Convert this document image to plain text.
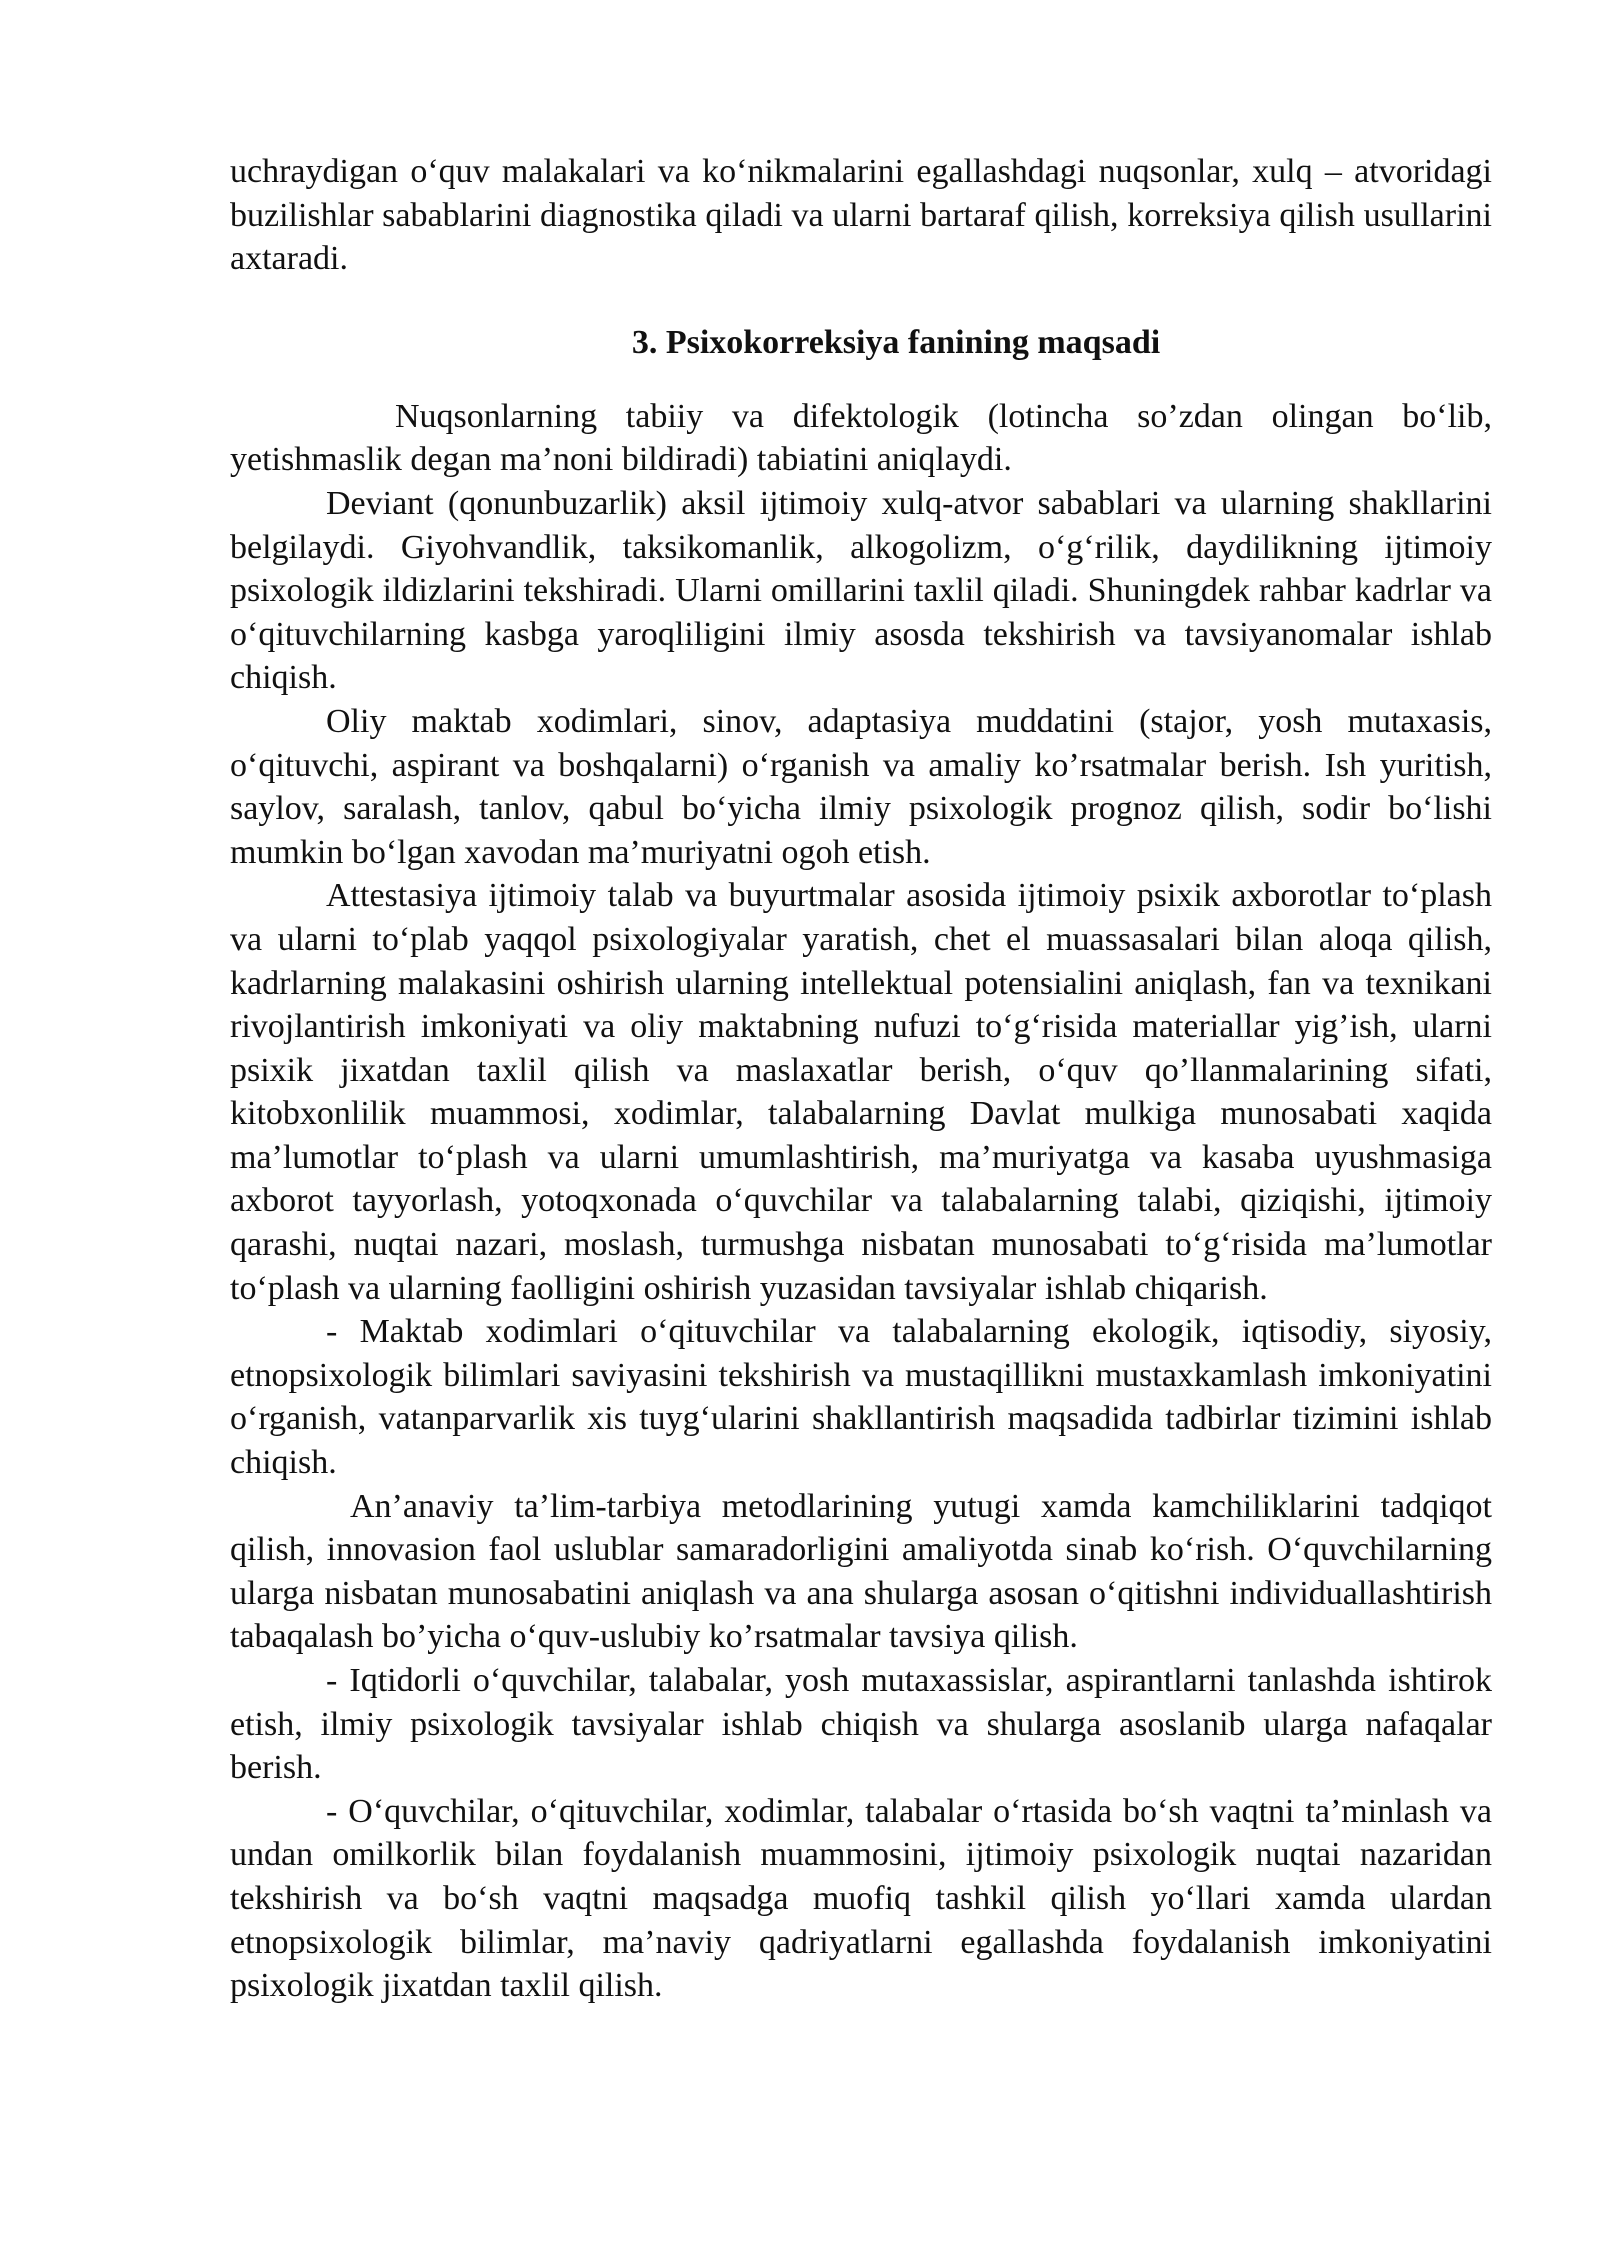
uchraydigan o‘quv malakalari va ko‘nikmalarini egallashdagi nuqsonlar, xulq – atvoridagi buzilishlar sabablarini diagnostika qiladi va ularni bartaraf qilish, korreksiya qilish usullarini axtaradi.

3. Psixokorreksiya fanining maqsadi

Nuqsonlarning tabiiy va difektologik (lotincha so’zdan olingan bo‘lib, yetishmaslik degan ma’noni bildiradi) tabiatini aniqlaydi.

Deviant (qonunbuzarlik) aksil ijtimoiy xulq-atvor sabablari va ularning shakllarini belgilaydi. Giyohvandlik, taksikomanlik, alkogolizm, o‘g‘rilik, daydilikning ijtimoiy psixologik ildizlarini tekshiradi. Ularni omillarini taxlil qiladi. Shuningdek rahbar kadrlar va o‘qituvchilarning kasbga yaroqliligini ilmiy asosda tekshirish va tavsiyanomalar ishlab chiqish.

Oliy maktab xodimlari, sinov, adaptasiya muddatini (stajor, yosh mutaxasis, o‘qituvchi, aspirant va boshqalarni) o‘rganish va amaliy ko’rsatmalar berish. Ish yuritish, saylov, saralash, tanlov, qabul bo‘yicha ilmiy psixologik prognoz qilish, sodir bo‘lishi mumkin bo‘lgan xavodan ma’muriyatni ogoh etish.

Attestasiya ijtimoiy talab va buyurtmalar asosida ijtimoiy psixik axborotlar to‘plash va ularni to‘plab yaqqol psixologiyalar yaratish, chet el muassasalari bilan aloqa qilish, kadrlarning malakasini oshirish ularning intellektual potensialini aniqlash, fan va texnikani rivojlantirish imkoniyati va oliy maktabning nufuzi to‘g‘risida materiallar yig’ish, ularni psixik jixatdan taxlil qilish va maslaxatlar berish, o‘quv qo’llanmalarining sifati, kitobxonlilik muammosi, xodimlar, talabalarning Davlat mulkiga munosabati xaqida ma’lumotlar to‘plash va ularni umumlashtirish, ma’muriyatga va kasaba uyushmasiga axborot tayyorlash, yotoqxonada o‘quvchilar va talabalarning talabi, qiziqishi, ijtimoiy qarashi, nuqtai nazari, moslash, turmushga nisbatan munosabati to‘g‘risida ma’lumotlar to‘plash va ularning faolligini oshirish yuzasidan tavsiyalar ishlab chiqarish.

- Maktab xodimlari o‘qituvchilar va talabalarning ekologik, iqtisodiy, siyosiy, etnopsixologik bilimlari saviyasini tekshirish va mustaqillikni mustaxkamlash imkoniyatini o‘rganish, vatanparvarlik xis tuyg‘ularini shakllantirish maqsadida tadbirlar tizimini ishlab chiqish.

An’anaviy ta’lim-tarbiya metodlarining yutugi xamda kamchiliklarini tadqiqot qilish, innovasion faol uslublar samaradorligini amaliyotda sinab ko‘rish. O‘quvchilarning ularga nisbatan munosabatini aniqlash va ana shularga asosan o‘qitishni individuallashtirish tabaqalash bo’yicha o‘quv-uslubiy ko’rsatmalar tavsiya qilish.

- Iqtidorli o‘quvchilar, talabalar, yosh mutaxassislar, aspirantlarni tanlashda ishtirok etish, ilmiy psixologik tavsiyalar ishlab chiqish va shularga asoslanib ularga nafaqalar berish.

- O‘quvchilar, o‘qituvchilar, xodimlar, talabalar o‘rtasida bo‘sh vaqtni ta’minlash va undan omilkorlik bilan foydalanish muammosini, ijtimoiy psixologik nuqtai nazaridan tekshirish va bo‘sh vaqtni maqsadga muofiq tashkil qilish yo‘llari xamda ulardan etnopsixologik bilimlar, ma’naviy qadriyatlarni egallashda foydalanish imkoniyatini psixologik jixatdan taxlil qilish.
